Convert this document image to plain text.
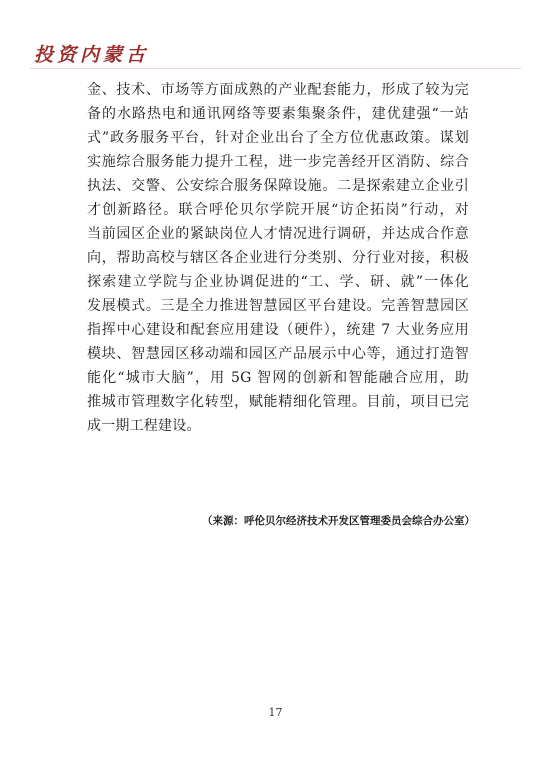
投资内蒙古
金、技术、市场等方面成熟的产业配套能力，形成了较为完
备的水路热电和通讯网络等要素集聚条件，建优建强“一站
式”政务服务平台，针对企业出台了全方位优惠政策。谋划
实施综合服务能力提升工程，进一步完善经开区消防、综合
执法、交警、公安综合服务保障设施。二是探索建立企业引
才创新路径。联合呼伦贝尔学院开展“访企拓岗”行动，对
当前园区企业的紧缺岗位人才情况进行调研，并达成合作意
向，帮助高校与辖区各企业进行分类别、分行业对接，积极
探索建立学院与企业协调促进的“工、学、研、就”一体化
发展模式。三是全力推进智慧园区平台建设。完善智慧园区
指挥中心建设和配套应用建设（硬件），统建 7 大业务应用
模块、智慧园区移动端和园区产品展示中心等，通过打造智
能化“城市大脑”，用 5G 智网的创新和智能融合应用，助
推城市管理数字化转型，赋能精细化管理。目前，项目已完
成一期工程建设。
（来源：呼伦贝尔经济技术开发区管理委员会综合办公室）
17
